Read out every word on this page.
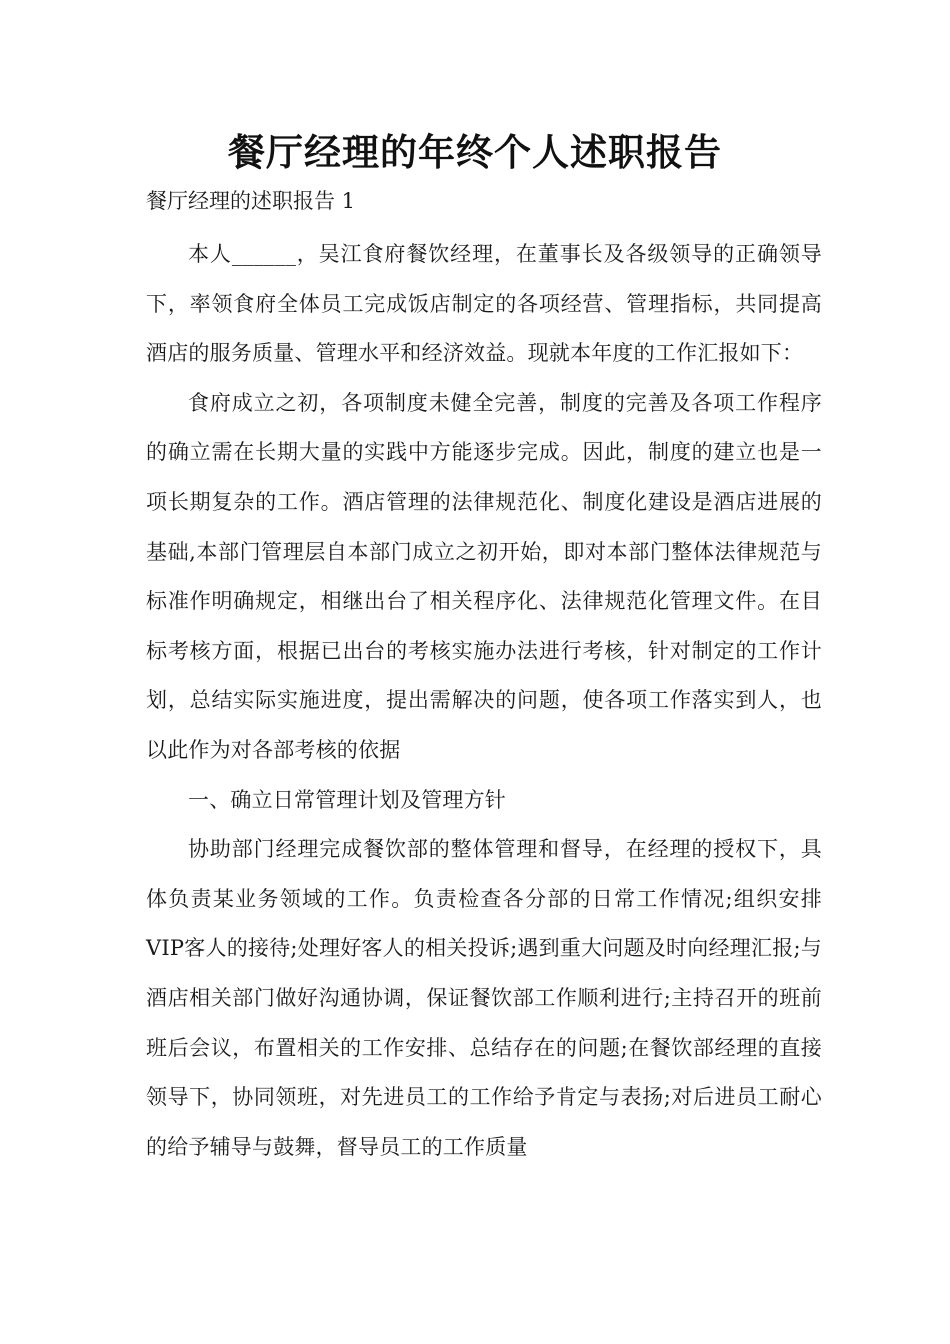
餐厅经理的年终个人述职报告
餐厅经理的述职报告 1

本人______，吴江食府餐饮经理，在董事长及各级领导的正确领导下，率领食府全体员工完成饭店制定的各项经营、管理指标，共同提高酒店的服务质量、管理水平和经济效益。现就本年度的工作汇报如下：

食府成立之初，各项制度未健全完善，制度的完善及各项工作程序的确立需在长期大量的实践中方能逐步完成。因此，制度的建立也是一项长期复杂的工作。酒店管理的法律规范化、制度化建设是酒店进展的基础,本部门管理层自本部门成立之初开始，即对本部门整体法律规范与标准作明确规定，相继出台了相关程序化、法律规范化管理文件。在目标考核方面，根据已出台的考核实施办法进行考核，针对制定的工作计划，总结实际实施进度，提出需解决的问题，使各项工作落实到人，也以此作为对各部考核的依据

一、确立日常管理计划及管理方针

协助部门经理完成餐饮部的整体管理和督导，在经理的授权下，具体负责某业务领域的工作。负责检查各分部的日常工作情况;组织安排VIP客人的接待;处理好客人的相关投诉;遇到重大问题及时向经理汇报;与酒店相关部门做好沟通协调，保证餐饮部工作顺利进行;主持召开的班前班后会议，布置相关的工作安排、总结存在的问题;在餐饮部经理的直接领导下，协同领班，对先进员工的工作给予肯定与表扬;对后进员工耐心的给予辅导与鼓舞，督导员工的工作质量
